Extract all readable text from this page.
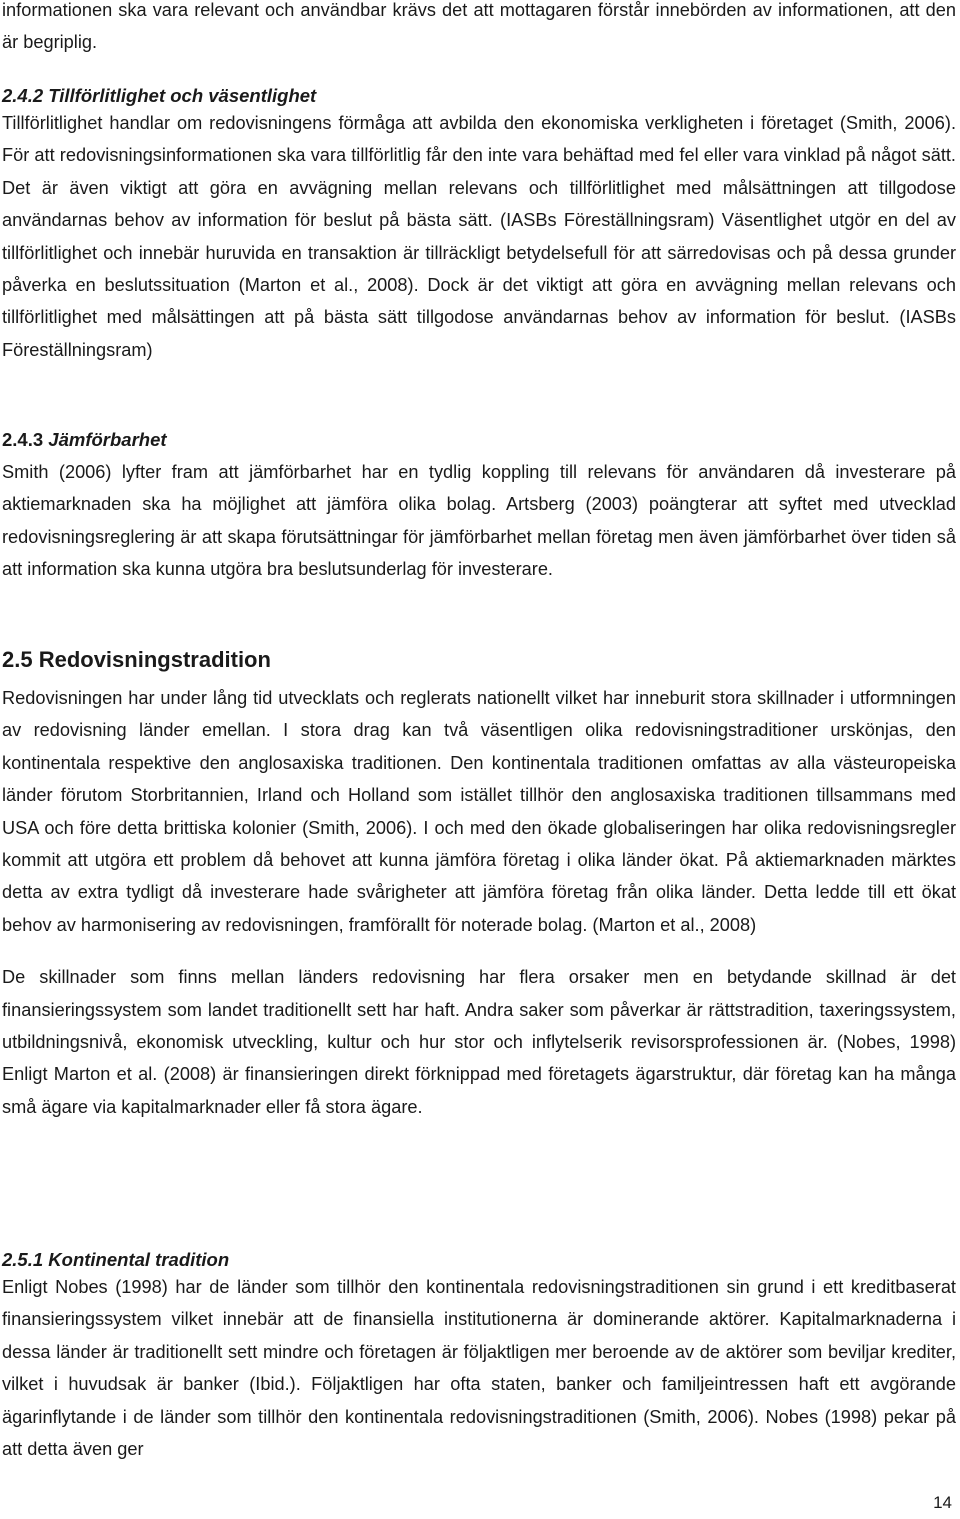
informationen ska vara relevant och användbar krävs det att mottagaren förstår innebörden av informationen, att den är begriplig.

2.4.2 Tillförlitlighet och väsentlighet

Tillförlitlighet handlar om redovisningens förmåga att avbilda den ekonomiska verkligheten i företaget (Smith, 2006). För att redovisningsinformationen ska vara tillförlitlig får den inte vara behäftad med fel eller vara vinklad på något sätt. Det är även viktigt att göra en avvägning mellan relevans och tillförlitlighet med målsättningen att tillgodose användarnas behov av information för beslut på bästa sätt. (IASBs Föreställningsram) Väsentlighet utgör en del av tillförlitlighet och innebär huruvida en transaktion är tillräckligt betydelsefull för att särredovisas och på dessa grunder påverka en beslutssituation (Marton et al., 2008). Dock är det viktigt att göra en avvägning mellan relevans och tillförlitlighet med målsättingen att på bästa sätt tillgodose användarnas behov av information för beslut. (IASBs Föreställningsram)

2.4.3 Jämförbarhet

Smith (2006) lyfter fram att jämförbarhet har en tydlig koppling till relevans för användaren då investerare på aktiemarknaden ska ha möjlighet att jämföra olika bolag. Artsberg (2003) poängterar att syftet med utvecklad redovisningsreglering är att skapa förutsättningar för jämförbarhet mellan företag men även jämförbarhet över tiden så att information ska kunna utgöra bra beslutsunderlag för investerare.

2.5 Redovisningstradition

Redovisningen har under lång tid utvecklats och reglerats nationellt vilket har inneburit stora skillnader i utformningen av redovisning länder emellan. I stora drag kan två väsentligen olika redovisningstraditioner urskönjas, den kontinentala respektive den anglosaxiska traditionen. Den kontinentala traditionen omfattas av alla västeuropeiska länder förutom Storbritannien, Irland och Holland som istället tillhör den anglosaxiska traditionen tillsammans med USA och före detta brittiska kolonier (Smith, 2006). I och med den ökade globaliseringen har olika redovisningsregler kommit att utgöra ett problem då behovet att kunna jämföra företag i olika länder ökat. På aktiemarknaden märktes detta av extra tydligt då investerare hade svårigheter att jämföra företag från olika länder. Detta ledde till ett ökat behov av harmonisering av redovisningen, framförallt för noterade bolag. (Marton et al., 2008)

De skillnader som finns mellan länders redovisning har flera orsaker men en betydande skillnad är det finansieringssystem som landet traditionellt sett har haft. Andra saker som påverkar är rättstradition, taxeringssystem, utbildningsnivå, ekonomisk utveckling, kultur och hur stor och inflytelserik revisorsprofessionen är. (Nobes, 1998) Enligt Marton et al. (2008) är finansieringen direkt förknippad med företagets ägarstruktur, där företag kan ha många små ägare via kapitalmarknader eller få stora ägare.

2.5.1 Kontinental tradition

Enligt Nobes (1998) har de länder som tillhör den kontinentala redovisningstraditionen sin grund i ett kreditbaserat finansieringssystem vilket innebär att de finansiella institutionerna är dominerande aktörer. Kapitalmarknaderna i dessa länder är traditionellt sett mindre och företagen är följaktligen mer beroende av de aktörer som beviljar krediter, vilket i huvudsak är banker (Ibid.). Följaktligen har ofta staten, banker och familjeintressen haft ett avgörande ägarinflytande i de länder som tillhör den kontinentala redovisningstraditionen (Smith, 2006). Nobes (1998) pekar på att detta även ger

14
